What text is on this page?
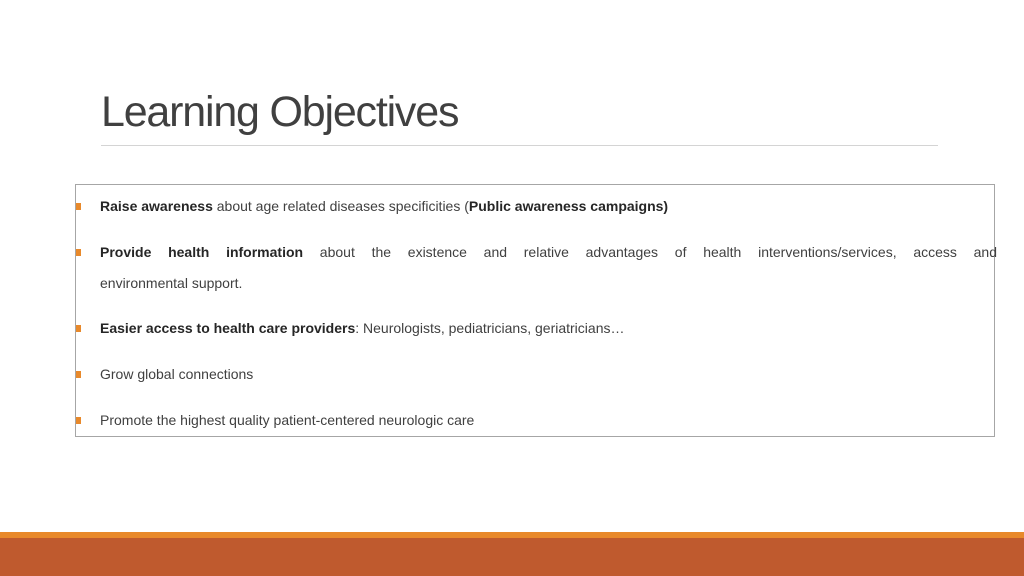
Learning Objectives
Raise awareness about age related diseases specificities (Public awareness campaigns)
Provide health information about the existence and relative advantages of health interventions/services, access and
environmental support.
Easier access to health care providers: Neurologists, pediatricians, geriatricians…
Grow global connections
Promote the highest quality patient-centered neurologic care
